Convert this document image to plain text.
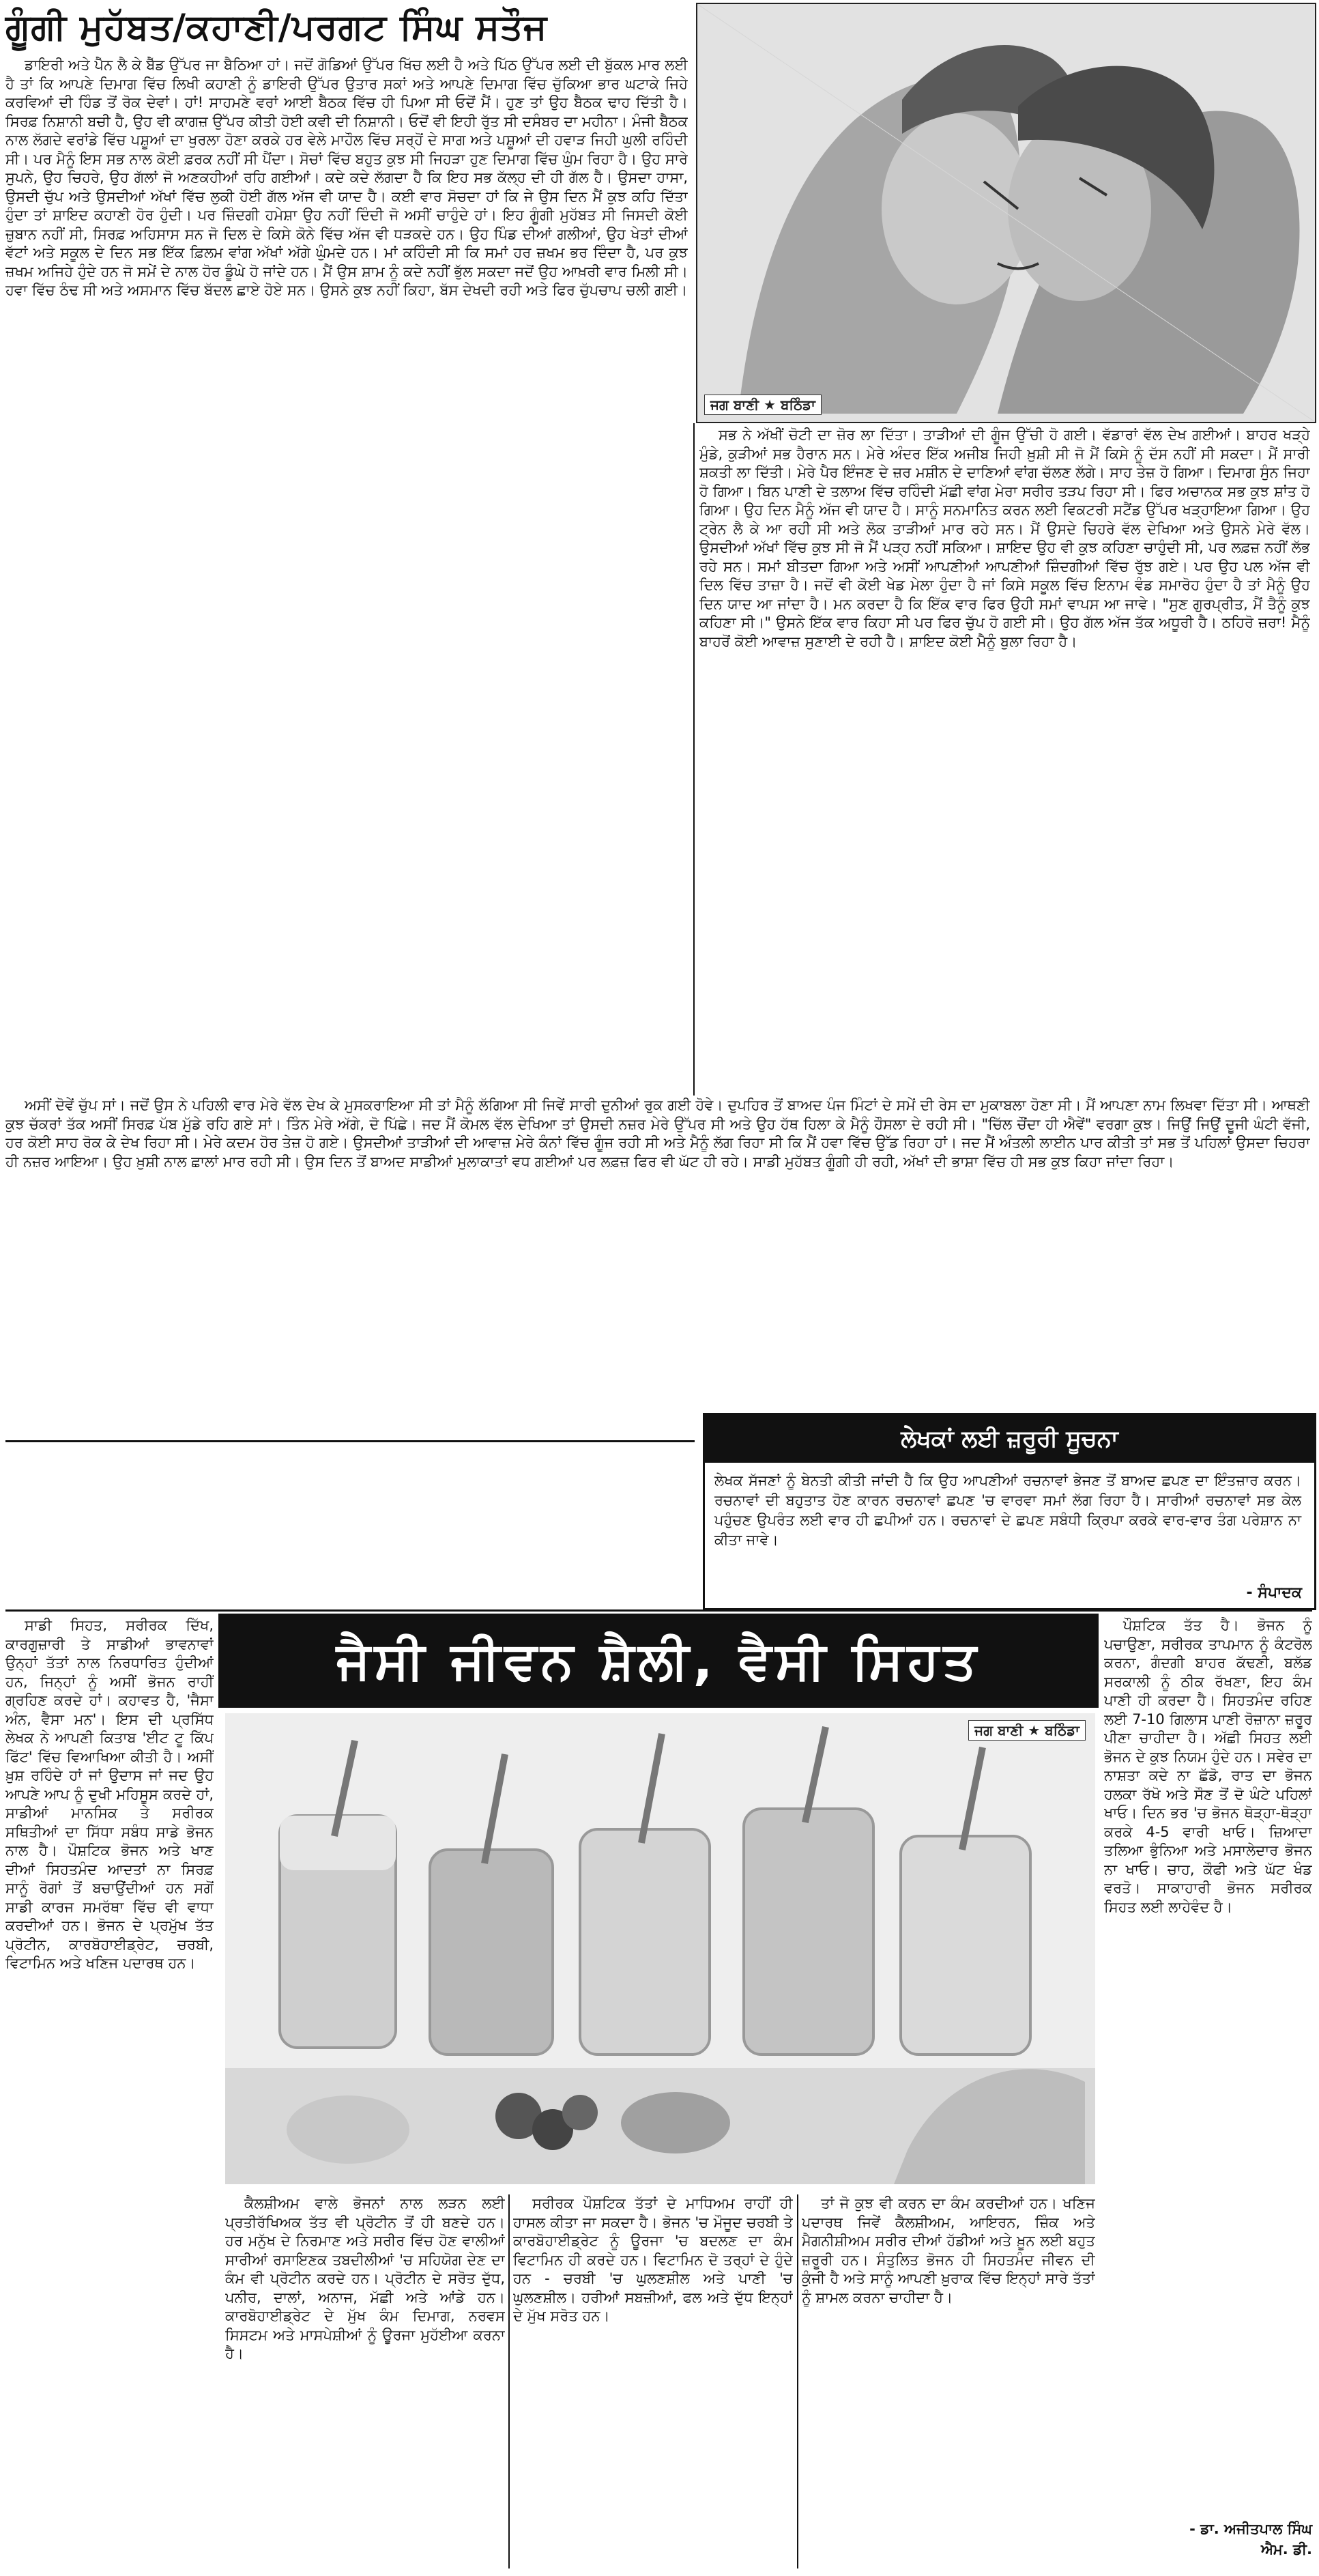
ਗੂੰਗੀ ਮੁਹੱਬਤ/ਕਹਾਣੀ/ਪਰਗਟ ਸਿੰਘ ਸਤੌਜ

ਡਾਇਰੀ ਅਤੇ ਪੈੱਨ ਲੈ ਕੇ ਬੈੱਡ ਉੱਪਰ ਜਾ ਬੈਠਿਆ ਹਾਂ। ਜਦੋਂ ਗੋਡਿਆਂ ਉੱਪਰ ਖਿੱਚ ਲਈ ਹੈ ਅਤੇ ਪਿੱਠ ਉੱਪਰ ਲਈ ਦੀ ਬੁੱਕਲ ਮਾਰ ਲਈ ਹੈ ਤਾਂ ਕਿ ਆਪਣੇ ਦਿਮਾਗ ਵਿੱਚ ਲਿਖੀ ਕਹਾਣੀ ਨੂੰ ਡਾਇਰੀ ਉੱਪਰ ਉਤਾਰ ਸਕਾਂ ਅਤੇ ਆਪਣੇ ਦਿਮਾਗ ਵਿੱਚ ਚੁੱਕਿਆ ਭਾਰ ਘਟਾਕੇ ਜਿਹੇ ਕਰਵਿਆਂ ਦੀ ਹਿੰਡ ਤੋਂ ਰੋਕ ਦੇਵਾਂ। ਹਾਂ! ਸਾਹਮਣੇ ਵਰਾਂ ਆਈ ਬੈਠਕ ਵਿੱਚ ਹੀ ਪਿਆ ਸੀ ਓਦੋਂ ਮੈਂ। ਹੁਣ ਤਾਂ ਉਹ ਬੈਠਕ ਢਾਹ ਦਿੱਤੀ ਹੈ। ਸਿਰਫ਼ ਨਿਸ਼ਾਨੀ ਬਚੀ ਹੈ, ਉਹ ਵੀ ਕਾਗਜ਼ ਉੱਪਰ ਕੀਤੀ ਹੋਈ ਕਵੀ ਦੀ ਨਿਸ਼ਾਨੀ। ਓਦੋਂ ਵੀ ਇਹੀ ਰੁੱਤ ਸੀ ਦਸੰਬਰ ਦਾ ਮਹੀਨਾ। ਮੰਜੀ ਬੈਠਕ ਨਾਲ ਲੱਗਦੇ ਵਰਾਂਡੇ ਵਿੱਚ ਪਸ਼ੂਆਂ ਦਾ ਖੁਰਲਾ ਹੋਣਾ ਕਰਕੇ ਹਰ ਵੇਲੇ ਮਾਹੌਲ ਵਿੱਚ ਸਰ੍ਹੋਂ ਦੇ ਸਾਗ ਅਤੇ ਪਸ਼ੂਆਂ ਦੀ ਹਵਾੜ ਜਿਹੀ ਘੁਲੀ ਰਹਿੰਦੀ ਸੀ। ਪਰ ਮੈਨੂੰ ਇਸ ਸਭ ਨਾਲ ਕੋਈ ਫ਼ਰਕ ਨਹੀਂ ਸੀ ਪੈਂਦਾ। ਸੋਚਾਂ ਵਿੱਚ ਬਹੁਤ ਕੁਝ ਸੀ ਜਿਹੜਾ ਹੁਣ ਦਿਮਾਗ ਵਿੱਚ ਘੁੰਮ ਰਿਹਾ ਹੈ। ਉਹ ਸਾਰੇ ਸੁਪਨੇ, ਉਹ ਚਿਹਰੇ, ਉਹ ਗੱਲਾਂ ਜੋ ਅਣਕਹੀਆਂ ਰਹਿ ਗਈਆਂ। ਕਦੇ ਕਦੇ ਲੱਗਦਾ ਹੈ ਕਿ ਇਹ ਸਭ ਕੱਲ੍ਹ ਦੀ ਹੀ ਗੱਲ ਹੈ। ਉਸਦਾ ਹਾਸਾ, ਉਸਦੀ ਚੁੱਪ ਅਤੇ ਉਸਦੀਆਂ ਅੱਖਾਂ ਵਿੱਚ ਲੁਕੀ ਹੋਈ ਗੱਲ ਅੱਜ ਵੀ ਯਾਦ ਹੈ। ਕਈ ਵਾਰ ਸੋਚਦਾ ਹਾਂ ਕਿ ਜੇ ਉਸ ਦਿਨ ਮੈਂ ਕੁਝ ਕਹਿ ਦਿੱਤਾ ਹੁੰਦਾ ਤਾਂ ਸ਼ਾਇਦ ਕਹਾਣੀ ਹੋਰ ਹੁੰਦੀ। ਪਰ ਜ਼ਿੰਦਗੀ ਹਮੇਸ਼ਾ ਉਹ ਨਹੀਂ ਦਿੰਦੀ ਜੋ ਅਸੀਂ ਚਾਹੁੰਦੇ ਹਾਂ। ਇਹ ਗੂੰਗੀ ਮੁਹੱਬਤ ਸੀ ਜਿਸਦੀ ਕੋਈ ਜ਼ੁਬਾਨ ਨਹੀਂ ਸੀ, ਸਿਰਫ਼ ਅਹਿਸਾਸ ਸਨ ਜੋ ਦਿਲ ਦੇ ਕਿਸੇ ਕੋਨੇ ਵਿੱਚ ਅੱਜ ਵੀ ਧੜਕਦੇ ਹਨ। ਉਹ ਪਿੰਡ ਦੀਆਂ ਗਲੀਆਂ, ਉਹ ਖੇਤਾਂ ਦੀਆਂ ਵੱਟਾਂ ਅਤੇ ਸਕੂਲ ਦੇ ਦਿਨ ਸਭ ਇੱਕ ਫ਼ਿਲਮ ਵਾਂਗ ਅੱਖਾਂ ਅੱਗੇ ਘੁੰਮਦੇ ਹਨ। ਮਾਂ ਕਹਿੰਦੀ ਸੀ ਕਿ ਸਮਾਂ ਹਰ ਜ਼ਖਮ ਭਰ ਦਿੰਦਾ ਹੈ, ਪਰ ਕੁਝ ਜ਼ਖਮ ਅਜਿਹੇ ਹੁੰਦੇ ਹਨ ਜੋ ਸਮੇਂ ਦੇ ਨਾਲ ਹੋਰ ਡੂੰਘੇ ਹੋ ਜਾਂਦੇ ਹਨ। ਮੈਂ ਉਸ ਸ਼ਾਮ ਨੂੰ ਕਦੇ ਨਹੀਂ ਭੁੱਲ ਸਕਦਾ ਜਦੋਂ ਉਹ ਆਖ਼ਰੀ ਵਾਰ ਮਿਲੀ ਸੀ। ਹਵਾ ਵਿੱਚ ਠੰਢ ਸੀ ਅਤੇ ਅਸਮਾਨ ਵਿੱਚ ਬੱਦਲ ਛਾਏ ਹੋਏ ਸਨ। ਉਸਨੇ ਕੁਝ ਨਹੀਂ ਕਿਹਾ, ਬੱਸ ਦੇਖਦੀ ਰਹੀ ਅਤੇ ਫਿਰ ਚੁੱਪਚਾਪ ਚਲੀ ਗਈ।

ਜਗ ਬਾਣੀ ★ ਬਠਿੰਡਾ

ਸਭ ਨੇ ਅੱਖੀਂ ਚੋਟੀ ਦਾ ਜ਼ੋਰ ਲਾ ਦਿੱਤਾ। ਤਾੜੀਆਂ ਦੀ ਗੂੰਜ ਉੱਚੀ ਹੋ ਗਈ। ਵੱਡਾਰਾਂ ਵੱਲ ਦੇਖ ਗਈਆਂ। ਬਾਹਰ ਖੜ੍ਹੇ ਮੁੰਡੇ, ਕੁੜੀਆਂ ਸਭ ਹੈਰਾਨ ਸਨ। ਮੇਰੇ ਅੰਦਰ ਇੱਕ ਅਜੀਬ ਜਿਹੀ ਖ਼ੁਸ਼ੀ ਸੀ ਜੋ ਮੈਂ ਕਿਸੇ ਨੂੰ ਦੱਸ ਨਹੀਂ ਸੀ ਸਕਦਾ। ਮੈਂ ਸਾਰੀ ਸ਼ਕਤੀ ਲਾ ਦਿੱਤੀ। ਮੇਰੇ ਪੈਰ ਇੰਜਣ ਦੇ ਜ਼ਰ ਮਸ਼ੀਨ ਦੇ ਦਾਣਿਆਂ ਵਾਂਗ ਚੱਲਣ ਲੱਗੇ। ਸਾਹ ਤੇਜ਼ ਹੋ ਗਿਆ। ਦਿਮਾਗ ਸੁੰਨ ਜਿਹਾ ਹੋ ਗਿਆ। ਬਿਨ ਪਾਣੀ ਦੇ ਤਲਾਅ ਵਿੱਚ ਰਹਿੰਦੀ ਮੱਛੀ ਵਾਂਗ ਮੇਰਾ ਸਰੀਰ ਤੜਪ ਰਿਹਾ ਸੀ। ਫਿਰ ਅਚਾਨਕ ਸਭ ਕੁਝ ਸ਼ਾਂਤ ਹੋ ਗਿਆ। ਉਹ ਦਿਨ ਮੈਨੂੰ ਅੱਜ ਵੀ ਯਾਦ ਹੈ। ਸਾਨੂੰ ਸਨਮਾਨਿਤ ਕਰਨ ਲਈ ਵਿਕਟਰੀ ਸਟੈਂਡ ਉੱਪਰ ਖੜ੍ਹਾਇਆ ਗਿਆ। ਉਹ ਟ੍ਰੇਨ ਲੈ ਕੇ ਆ ਰਹੀ ਸੀ ਅਤੇ ਲੋਕ ਤਾੜੀਆਂ ਮਾਰ ਰਹੇ ਸਨ। ਮੈਂ ਉਸਦੇ ਚਿਹਰੇ ਵੱਲ ਦੇਖਿਆ ਅਤੇ ਉਸਨੇ ਮੇਰੇ ਵੱਲ। ਉਸਦੀਆਂ ਅੱਖਾਂ ਵਿੱਚ ਕੁਝ ਸੀ ਜੋ ਮੈਂ ਪੜ੍ਹ ਨਹੀਂ ਸਕਿਆ। ਸ਼ਾਇਦ ਉਹ ਵੀ ਕੁਝ ਕਹਿਣਾ ਚਾਹੁੰਦੀ ਸੀ, ਪਰ ਲਫ਼ਜ਼ ਨਹੀਂ ਲੱਭ ਰਹੇ ਸਨ। ਸਮਾਂ ਬੀਤਦਾ ਗਿਆ ਅਤੇ ਅਸੀਂ ਆਪਣੀਆਂ ਆਪਣੀਆਂ ਜ਼ਿੰਦਗੀਆਂ ਵਿੱਚ ਰੁੱਝ ਗਏ। ਪਰ ਉਹ ਪਲ ਅੱਜ ਵੀ ਦਿਲ ਵਿੱਚ ਤਾਜ਼ਾ ਹੈ। ਜਦੋਂ ਵੀ ਕੋਈ ਖੇਡ ਮੇਲਾ ਹੁੰਦਾ ਹੈ ਜਾਂ ਕਿਸੇ ਸਕੂਲ ਵਿੱਚ ਇਨਾਮ ਵੰਡ ਸਮਾਰੋਹ ਹੁੰਦਾ ਹੈ ਤਾਂ ਮੈਨੂੰ ਉਹ ਦਿਨ ਯਾਦ ਆ ਜਾਂਦਾ ਹੈ। ਮਨ ਕਰਦਾ ਹੈ ਕਿ ਇੱਕ ਵਾਰ ਫਿਰ ਉਹੀ ਸਮਾਂ ਵਾਪਸ ਆ ਜਾਵੇ। "ਸੁਣ ਗੁਰਪ੍ਰੀਤ, ਮੈਂ ਤੈਨੂੰ ਕੁਝ ਕਹਿਣਾ ਸੀ।" ਉਸਨੇ ਇੱਕ ਵਾਰ ਕਿਹਾ ਸੀ ਪਰ ਫਿਰ ਚੁੱਪ ਹੋ ਗਈ ਸੀ। ਉਹ ਗੱਲ ਅੱਜ ਤੱਕ ਅਧੂਰੀ ਹੈ। ਠਹਿਰੋ ਜ਼ਰਾ! ਮੈਨੂੰ ਬਾਹਰੋਂ ਕੋਈ ਆਵਾਜ਼ ਸੁਣਾਈ ਦੇ ਰਹੀ ਹੈ। ਸ਼ਾਇਦ ਕੋਈ ਮੈਨੂੰ ਬੁਲਾ ਰਿਹਾ ਹੈ।

ਅਸੀਂ ਦੋਵੇਂ ਚੁੱਪ ਸਾਂ। ਜਦੋਂ ਉਸ ਨੇ ਪਹਿਲੀ ਵਾਰ ਮੇਰੇ ਵੱਲ ਦੇਖ ਕੇ ਮੁਸਕਰਾਇਆ ਸੀ ਤਾਂ ਮੈਨੂੰ ਲੱਗਿਆ ਸੀ ਜਿਵੇਂ ਸਾਰੀ ਦੁਨੀਆਂ ਰੁਕ ਗਈ ਹੋਵੇ। ਦੁਪਹਿਰ ਤੋਂ ਬਾਅਦ ਪੰਜ ਮਿੰਟਾਂ ਦੇ ਸਮੇਂ ਦੀ ਰੇਸ ਦਾ ਮੁਕਾਬਲਾ ਹੋਣਾ ਸੀ। ਮੈਂ ਆਪਣਾ ਨਾਮ ਲਿਖਵਾ ਦਿੱਤਾ ਸੀ। ਆਥਣੀ ਕੁਝ ਚੱਕਰਾਂ ਤੱਕ ਅਸੀਂ ਸਿਰਫ਼ ਪੱਬ ਮੁੱਡੇ ਰਹਿ ਗਏ ਸਾਂ। ਤਿੰਨ ਮੇਰੇ ਅੱਗੇ, ਦੋ ਪਿੱਛੇ। ਜਦ ਮੈਂ ਕੋਮਲ ਵੱਲ ਦੇਖਿਆ ਤਾਂ ਉਸਦੀ ਨਜ਼ਰ ਮੇਰੇ ਉੱਪਰ ਸੀ ਅਤੇ ਉਹ ਹੱਥ ਹਿਲਾ ਕੇ ਮੈਨੂੰ ਹੌਸਲਾ ਦੇ ਰਹੀ ਸੀ। "ਚਿੱਲ ਚੌਂਦਾ ਹੀ ਐਵੇਂ" ਵਰਗਾ ਕੁਝ। ਜਿਉਂ ਜਿਉਂ ਦੂਜੀ ਘੰਟੀ ਵੱਜੀ, ਹਰ ਕੋਈ ਸਾਹ ਰੋਕ ਕੇ ਦੇਖ ਰਿਹਾ ਸੀ। ਮੇਰੇ ਕਦਮ ਹੋਰ ਤੇਜ਼ ਹੋ ਗਏ। ਉਸਦੀਆਂ ਤਾੜੀਆਂ ਦੀ ਆਵਾਜ਼ ਮੇਰੇ ਕੰਨਾਂ ਵਿੱਚ ਗੂੰਜ ਰਹੀ ਸੀ ਅਤੇ ਮੈਨੂੰ ਲੱਗ ਰਿਹਾ ਸੀ ਕਿ ਮੈਂ ਹਵਾ ਵਿੱਚ ਉੱਡ ਰਿਹਾ ਹਾਂ। ਜਦ ਮੈਂ ਅੰਤਲੀ ਲਾਈਨ ਪਾਰ ਕੀਤੀ ਤਾਂ ਸਭ ਤੋਂ ਪਹਿਲਾਂ ਉਸਦਾ ਚਿਹਰਾ ਹੀ ਨਜ਼ਰ ਆਇਆ। ਉਹ ਖ਼ੁਸ਼ੀ ਨਾਲ ਛਾਲਾਂ ਮਾਰ ਰਹੀ ਸੀ। ਉਸ ਦਿਨ ਤੋਂ ਬਾਅਦ ਸਾਡੀਆਂ ਮੁਲਾਕਾਤਾਂ ਵਧ ਗਈਆਂ ਪਰ ਲਫ਼ਜ਼ ਫਿਰ ਵੀ ਘੱਟ ਹੀ ਰਹੇ। ਸਾਡੀ ਮੁਹੱਬਤ ਗੂੰਗੀ ਹੀ ਰਹੀ, ਅੱਖਾਂ ਦੀ ਭਾਸ਼ਾ ਵਿੱਚ ਹੀ ਸਭ ਕੁਝ ਕਿਹਾ ਜਾਂਦਾ ਰਿਹਾ।

ਲੇਖਕਾਂ ਲਈ ਜ਼ਰੂਰੀ ਸੂਚਨਾ
ਲੇਖਕ ਸੱਜਣਾਂ ਨੂੰ ਬੇਨਤੀ ਕੀਤੀ ਜਾਂਦੀ ਹੈ ਕਿ ਉਹ ਆਪਣੀਆਂ ਰਚਨਾਵਾਂ ਭੇਜਣ ਤੋਂ ਬਾਅਦ ਛਪਣ ਦਾ ਇੰਤਜ਼ਾਰ ਕਰਨ। ਰਚਨਾਵਾਂ ਦੀ ਬਹੁਤਾਤ ਹੋਣ ਕਾਰਨ ਰਚਨਾਵਾਂ ਛਪਣ 'ਚ ਵਾਰਵਾ ਸਮਾਂ ਲੱਗ ਰਿਹਾ ਹੈ। ਸਾਰੀਆਂ ਰਚਨਾਵਾਂ ਸਭ ਕੇਲ ਪਹੁੰਚਣ ਉਪਰੰਤ ਲਈ ਵਾਰ ਹੀ ਛਪੀਆਂ ਹਨ। ਰਚਨਾਵਾਂ ਦੇ ਛਪਣ ਸਬੰਧੀ ਕ੍ਰਿਪਾ ਕਰਕੇ ਵਾਰ-ਵਾਰ ਤੰਗ ਪਰੇਸ਼ਾਨ ਨਾ ਕੀਤਾ ਜਾਵੇ।
- ਸੰਪਾਦਕ
ਜੈਸੀ ਜੀਵਨ ਸ਼ੈਲੀ, ਵੈਸੀ ਸਿਹਤ

ਸਾਡੀ ਸਿਹਤ, ਸਰੀਰਕ ਦਿੱਖ, ਕਾਰਗੁਜ਼ਾਰੀ ਤੇ ਸਾਡੀਆਂ ਭਾਵਨਾਵਾਂ ਉਨ੍ਹਾਂ ਤੱਤਾਂ ਨਾਲ ਨਿਰਧਾਰਿਤ ਹੁੰਦੀਆਂ ਹਨ, ਜਿਨ੍ਹਾਂ ਨੂੰ ਅਸੀਂ ਭੋਜਨ ਰਾਹੀਂ ਗ੍ਰਹਿਣ ਕਰਦੇ ਹਾਂ। ਕਹਾਵਤ ਹੈ, 'ਜੈਸਾ ਅੰਨ, ਵੈਸਾ ਮਨ'। ਇਸ ਦੀ ਪ੍ਰਸਿੱਧ ਲੇਖਕ ਨੇ ਆਪਣੀ ਕਿਤਾਬ 'ਈਟ ਟੂ ਕਿੱਪ ਫਿੱਟ' ਵਿੱਚ ਵਿਆਖਿਆ ਕੀਤੀ ਹੈ। ਅਸੀਂ ਖ਼ੁਸ਼ ਰਹਿੰਦੇ ਹਾਂ ਜਾਂ ਉਦਾਸ ਜਾਂ ਜਦ ਉਹ ਆਪਣੇ ਆਪ ਨੂੰ ਦੁਖੀ ਮਹਿਸੂਸ ਕਰਦੇ ਹਾਂ, ਸਾਡੀਆਂ ਮਾਨਸਿਕ ਤੇ ਸਰੀਰਕ ਸਥਿਤੀਆਂ ਦਾ ਸਿੱਧਾ ਸਬੰਧ ਸਾਡੇ ਭੋਜਨ ਨਾਲ ਹੈ। ਪੌਸ਼ਟਿਕ ਭੋਜਨ ਅਤੇ ਖਾਣ ਦੀਆਂ ਸਿਹਤਮੰਦ ਆਦਤਾਂ ਨਾ ਸਿਰਫ਼ ਸਾਨੂੰ ਰੋਗਾਂ ਤੋਂ ਬਚਾਉਂਦੀਆਂ ਹਨ ਸਗੋਂ ਸਾਡੀ ਕਾਰਜ ਸਮਰੱਥਾ ਵਿੱਚ ਵੀ ਵਾਧਾ ਕਰਦੀਆਂ ਹਨ। ਭੋਜਨ ਦੇ ਪ੍ਰਮੁੱਖ ਤੱਤ ਪ੍ਰੋਟੀਨ, ਕਾਰਬੋਹਾਈਡ੍ਰੇਟ, ਚਰਬੀ, ਵਿਟਾਮਿਨ ਅਤੇ ਖਣਿਜ ਪਦਾਰਥ ਹਨ।

ਜਗ ਬਾਣੀ ★ ਬਠਿੰਡਾ

ਕੈਲਸ਼ੀਅਮ ਵਾਲੇ ਭੋਜਨਾਂ ਨਾਲ ਲੜਨ ਲਈ ਪ੍ਰਤੀਰੱਖਿਅਕ ਤੱਤ ਵੀ ਪ੍ਰੋਟੀਨ ਤੋਂ ਹੀ ਬਣਦੇ ਹਨ। ਹਰ ਮਨੁੱਖ ਦੇ ਨਿਰਮਾਣ ਅਤੇ ਸਰੀਰ ਵਿੱਚ ਹੋਣ ਵਾਲੀਆਂ ਸਾਰੀਆਂ ਰਸਾਇਣਕ ਤਬਦੀਲੀਆਂ 'ਚ ਸਹਿਯੋਗ ਦੇਣ ਦਾ ਕੰਮ ਵੀ ਪ੍ਰੋਟੀਨ ਕਰਦੇ ਹਨ। ਪ੍ਰੋਟੀਨ ਦੇ ਸਰੋਤ ਦੁੱਧ, ਪਨੀਰ, ਦਾਲਾਂ, ਅਨਾਜ, ਮੱਛੀ ਅਤੇ ਆਂਡੇ ਹਨ। ਕਾਰਬੋਹਾਈਡ੍ਰੇਟ ਦੇ ਮੁੱਖ ਕੰਮ ਦਿਮਾਗ, ਨਰਵਸ ਸਿਸਟਮ ਅਤੇ ਮਾਸਪੇਸ਼ੀਆਂ ਨੂੰ ਊਰਜਾ ਮੁਹੱਈਆ ਕਰਨਾ ਹੈ।

ਸਰੀਰਕ ਪੌਸ਼ਟਿਕ ਤੱਤਾਂ ਦੇ ਮਾਧਿਅਮ ਰਾਹੀਂ ਹੀ ਹਾਸਲ ਕੀਤਾ ਜਾ ਸਕਦਾ ਹੈ। ਭੋਜਨ 'ਚ ਮੌਜੂਦ ਚਰਬੀ ਤੇ ਕਾਰਬੋਹਾਈਡ੍ਰੇਟ ਨੂੰ ਊਰਜਾ 'ਚ ਬਦਲਣ ਦਾ ਕੰਮ ਵਿਟਾਮਿਨ ਹੀ ਕਰਦੇ ਹਨ। ਵਿਟਾਮਿਨ ਦੋ ਤਰ੍ਹਾਂ ਦੇ ਹੁੰਦੇ ਹਨ - ਚਰਬੀ 'ਚ ਘੁਲਣਸ਼ੀਲ ਅਤੇ ਪਾਣੀ 'ਚ ਘੁਲਣਸ਼ੀਲ। ਹਰੀਆਂ ਸਬਜ਼ੀਆਂ, ਫਲ ਅਤੇ ਦੁੱਧ ਇਨ੍ਹਾਂ ਦੇ ਮੁੱਖ ਸਰੋਤ ਹਨ।

ਤਾਂ ਜੋ ਕੁਝ ਵੀ ਕਰਨ ਦਾ ਕੰਮ ਕਰਦੀਆਂ ਹਨ। ਖਣਿਜ ਪਦਾਰਥ ਜਿਵੇਂ ਕੈਲਸ਼ੀਅਮ, ਆਇਰਨ, ਜ਼ਿੰਕ ਅਤੇ ਮੈਗਨੀਸ਼ੀਅਮ ਸਰੀਰ ਦੀਆਂ ਹੱਡੀਆਂ ਅਤੇ ਖ਼ੂਨ ਲਈ ਬਹੁਤ ਜ਼ਰੂਰੀ ਹਨ। ਸੰਤੁਲਿਤ ਭੋਜਨ ਹੀ ਸਿਹਤਮੰਦ ਜੀਵਨ ਦੀ ਕੁੰਜੀ ਹੈ ਅਤੇ ਸਾਨੂੰ ਆਪਣੀ ਖ਼ੁਰਾਕ ਵਿੱਚ ਇਨ੍ਹਾਂ ਸਾਰੇ ਤੱਤਾਂ ਨੂੰ ਸ਼ਾਮਲ ਕਰਨਾ ਚਾਹੀਦਾ ਹੈ।

ਪੌਸ਼ਟਿਕ ਤੱਤ ਹੈ। ਭੋਜਨ ਨੂੰ ਪਚਾਉਣਾ, ਸਰੀਰਕ ਤਾਪਮਾਨ ਨੂੰ ਕੰਟਰੋਲ ਕਰਨਾ, ਗੰਦਗੀ ਬਾਹਰ ਕੱਢਣੀ, ਬਲੱਡ ਸਰਕਾਲੀ ਨੂੰ ਠੀਕ ਰੱਖਣਾ, ਇਹ ਕੰਮ ਪਾਣੀ ਹੀ ਕਰਦਾ ਹੈ। ਸਿਹਤਮੰਦ ਰਹਿਣ ਲਈ 7-10 ਗਿਲਾਸ ਪਾਣੀ ਰੋਜ਼ਾਨਾ ਜ਼ਰੂਰ ਪੀਣਾ ਚਾਹੀਦਾ ਹੈ। ਅੱਛੀ ਸਿਹਤ ਲਈ ਭੋਜਨ ਦੇ ਕੁਝ ਨਿਯਮ ਹੁੰਦੇ ਹਨ। ਸਵੇਰ ਦਾ ਨਾਸ਼ਤਾ ਕਦੇ ਨਾ ਛੱਡੋ, ਰਾਤ ਦਾ ਭੋਜਨ ਹਲਕਾ ਰੱਖੋ ਅਤੇ ਸੌਣ ਤੋਂ ਦੋ ਘੰਟੇ ਪਹਿਲਾਂ ਖਾਓ। ਦਿਨ ਭਰ 'ਚ ਭੋਜਨ ਥੋੜ੍ਹਾ-ਥੋੜ੍ਹਾ ਕਰਕੇ 4-5 ਵਾਰੀ ਖਾਓ। ਜ਼ਿਆਦਾ ਤਲਿਆ ਭੁੰਨਿਆ ਅਤੇ ਮਸਾਲੇਦਾਰ ਭੋਜਨ ਨਾ ਖਾਓ। ਚਾਹ, ਕੌਫੀ ਅਤੇ ਘੱਟ ਖੰਡ ਵਰਤੋ। ਸਾਕਾਹਾਰੀ ਭੋਜਨ ਸਰੀਰਕ ਸਿਹਤ ਲਈ ਲਾਹੇਵੰਦ ਹੈ।

- ਡਾ. ਅਜੀਤਪਾਲ ਸਿੰਘ
ਐਮ. ਡੀ.
